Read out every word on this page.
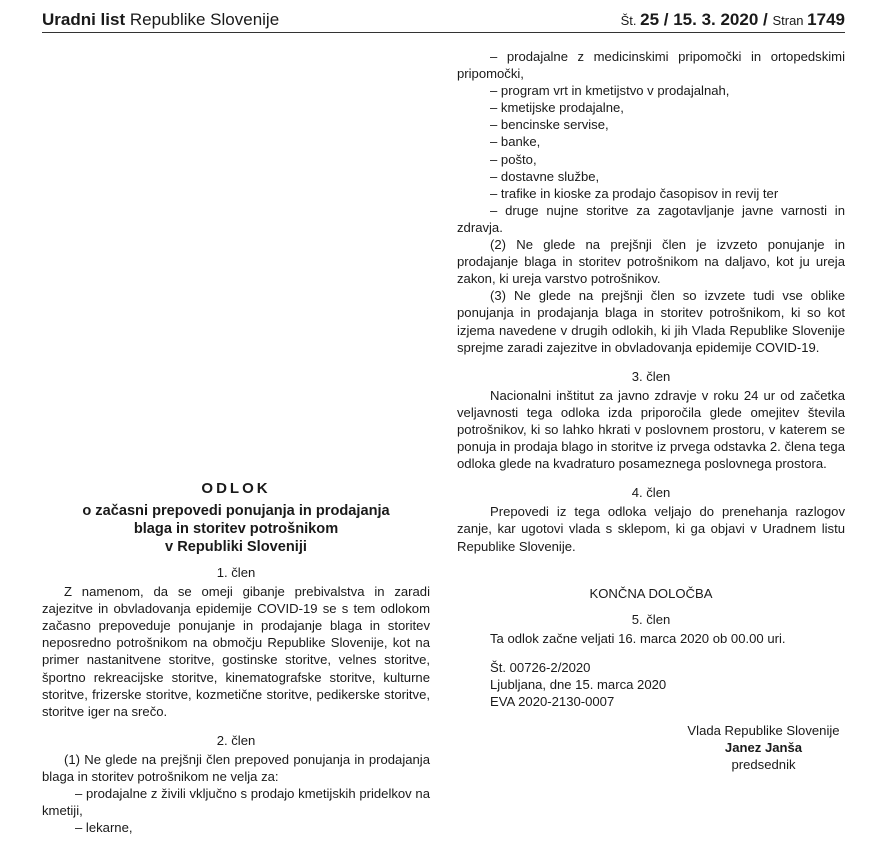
Uradni list Republike Slovenije	Št. 25 / 15. 3. 2020 / Stran 1749

ODLOK

o začasni prepovedi ponujanja in prodajanja
blaga in storitev potrošnikom
v Republiki Sloveniji

1. člen

Z namenom, da se omeji gibanje prebivalstva in zaradi zajezitve in obvladovanja epidemije COVID-19 se s tem odlokom začasno prepoveduje ponujanje in prodajanje blaga in storitev neposredno potrošnikom na območju Republike Slovenije, kot na primer nastanitvene storitve, gostinske storitve, velnes storitve, športno rekreacijske storitve, kinematografske storitve, kulturne storitve, frizerske storitve, kozmetične storitve, pedikerske storitve, storitve iger na srečo.

2. člen

(1) Ne glede na prejšnji člen prepoved ponujanja in prodajanja blaga in storitev potrošnikom ne velja za:

– prodajalne z živili vključno s prodajo kmetijskih pridelkov na kmetiji,

– lekarne,

– prodajalne z medicinskimi pripomočki in ortopedskimi pripomočki,

– program vrt in kmetijstvo v prodajalnah,

– kmetijske prodajalne,

– bencinske servise,

– banke,

– pošto,

– dostavne službe,

– trafike in kioske za prodajo časopisov in revij ter

– druge nujne storitve za zagotavljanje javne varnosti in zdravja.

(2) Ne glede na prejšnji člen je izvzeto ponujanje in prodajanje blaga in storitev potrošnikom na daljavo, kot ju ureja zakon, ki ureja varstvo potrošnikov.

(3) Ne glede na prejšnji člen so izvzete tudi vse oblike ponujanja in prodajanja blaga in storitev potrošnikom, ki so kot izjema navedene v drugih odlokih, ki jih Vlada Republike Slovenije sprejme zaradi zajezitve in obvladovanja epidemije COVID-19.

3. člen

Nacionalni inštitut za javno zdravje v roku 24 ur od začetka veljavnosti tega odloka izda priporočila glede omejitev števila potrošnikov, ki so lahko hkrati v poslovnem prostoru, v katerem se ponuja in prodaja blago in storitve iz prvega odstavka 2. člena tega odloka glede na kvadraturo posameznega poslovnega prostora.

4. člen

Prepovedi iz tega odloka veljajo do prenehanja razlogov zanje, kar ugotovi vlada s sklepom, ki ga objavi v Uradnem listu Republike Slovenije.

KONČNA DOLOČBA

5. člen

Ta odlok začne veljati 16. marca 2020 ob 00.00 uri.

Št. 00726-2/2020

Ljubljana, dne 15. marca 2020

EVA 2020-2130-0007

Vlada Republike Slovenije

Janez Janša

predsednik
